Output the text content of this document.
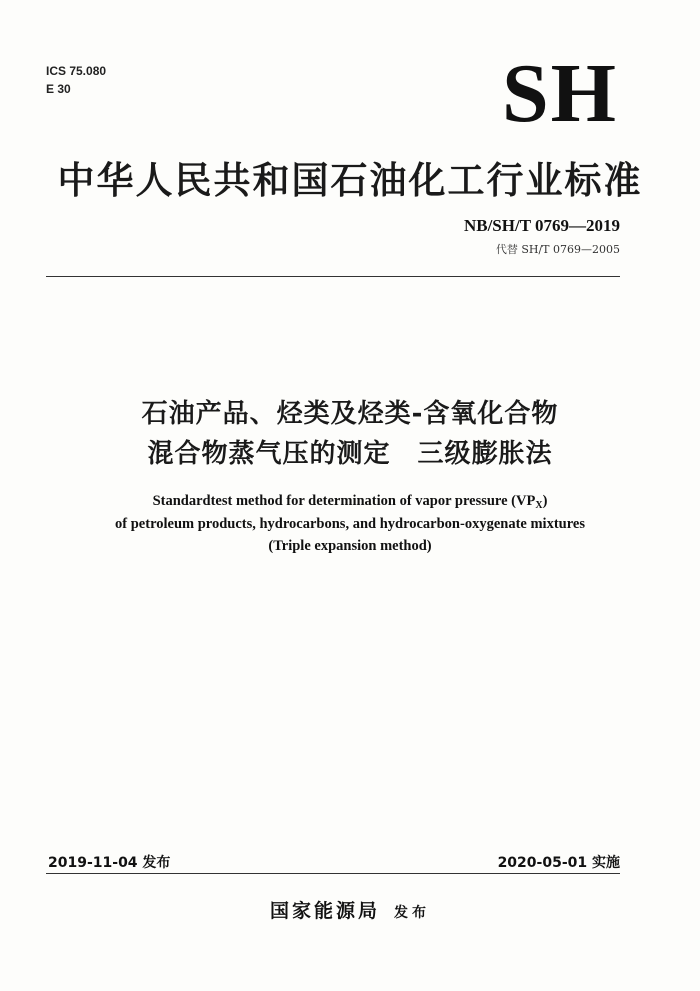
ICS 75.080
E 30	SH
中华人民共和国石油化工行业标准
NB/SH/T 0769—2019
代替 SH/T 0769—2005
石油产品、烃类及烃类-含氧化合物
混合物蒸气压的测定　三级膨胀法
Standardtest method for determination of vapor pressure $(VP_X)$
of petroleum products, hydrocarbons, and hydrocarbon-oxygenate mixtures
(Triple expansion method)
2019-11-04 发布	2020-05-01 实施
国家能源局 发布
